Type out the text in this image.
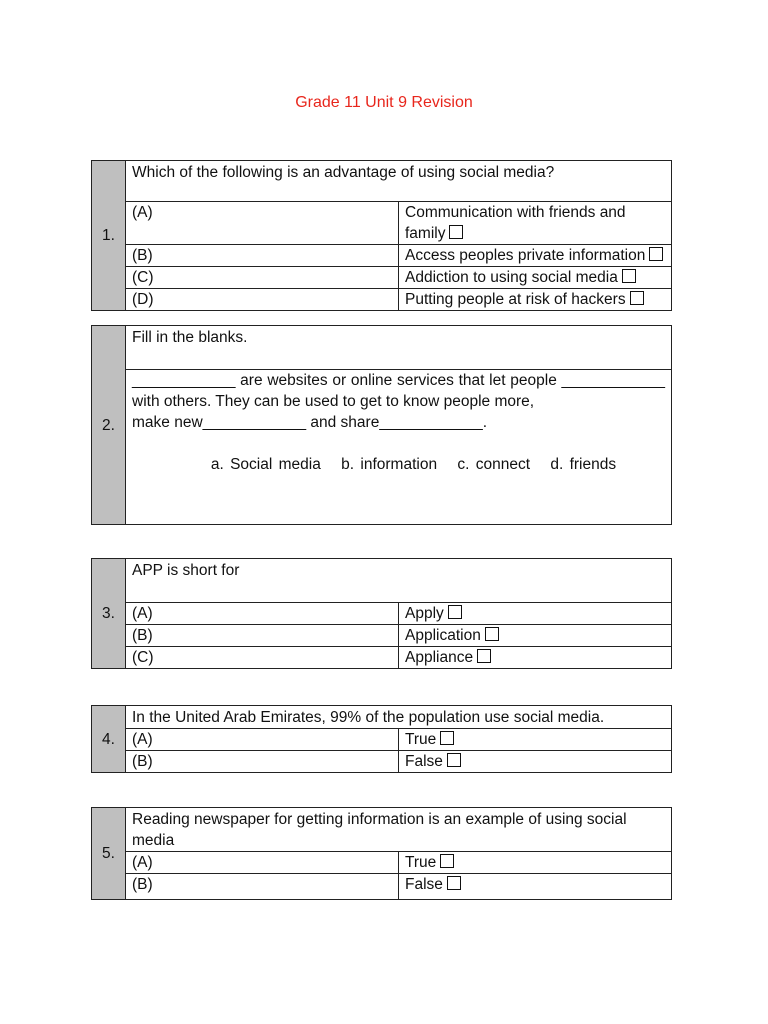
Grade 11 Unit 9 Revision
1.	Which of the following is an advantage of using social media?	
	(A)	Communication with friends and family
	(B)	Access peoples private information
	(C)	Addiction to using social media
	(D)	Putting people at risk of hackers
2.	Fill in the blanks.

____________ are websites or online services that let people ____________ with others. They can be used to get to know people more,
make new____________ and share____________.
a. Social media b. information c. connect d. friends
3.	APP is short for	
	(A)	Apply
	(B)	Application
	(C)	Appliance
4.	In the United Arab Emirates, 99% of the population use social media.	
	(A)	True
	(B)	False
5.	Reading newspaper for getting information is an example of using social media	
	(A)	True
	(B)	False
